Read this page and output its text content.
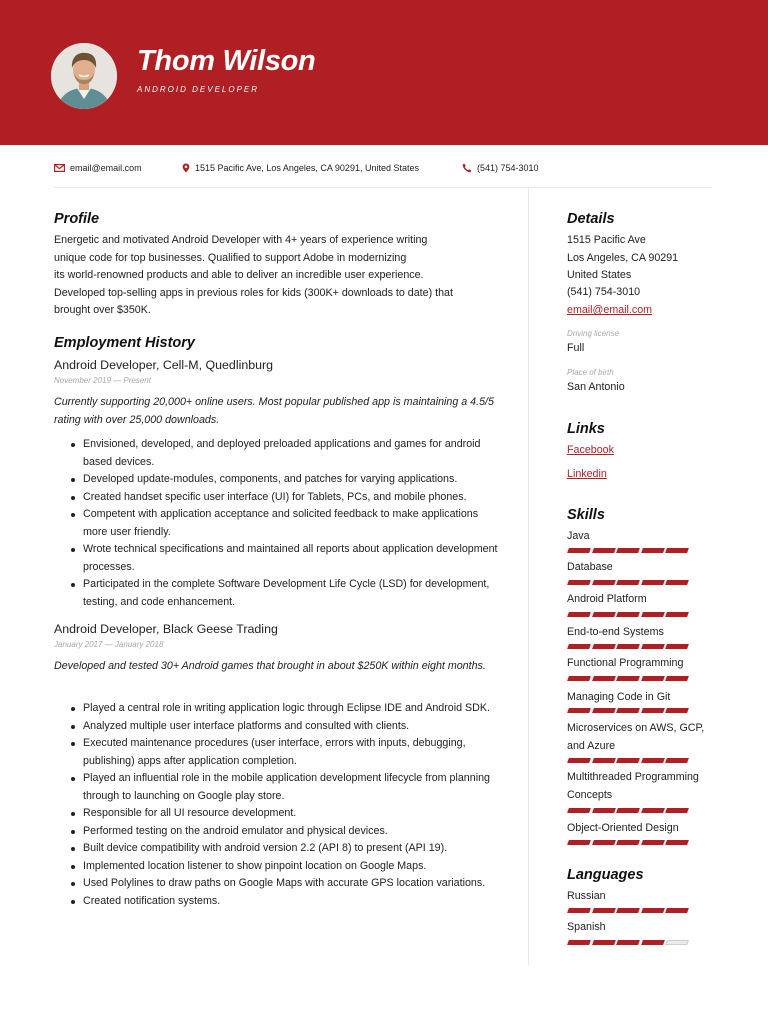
Thom Wilson
ANDROID DEVELOPER
email@email.com	1515 Pacific Ave, Los Angeles, CA 90291, United States	(541) 754-3010
Profile
Energetic and motivated Android Developer with 4+ years of experience writing
unique code for top businesses. Qualified to support Adobe in modernizing
its world-renowned products and able to deliver an incredible user experience.
Developed top-selling apps in previous roles for kids (300K+ downloads to date) that
brought over $350K.
Employment History
Android Developer, Cell-M, Quedlinburg
November 2019 — Present
Currently supporting 20,000+ online users. Most popular published app is maintaining a 4.5/5 rating with over 25,000 downloads.
Envisioned, developed, and deployed preloaded applications and games for android based devices.
Developed update-modules, components, and patches for varying applications.
Created handset specific user interface (UI) for Tablets, PCs, and mobile phones.
Competent with application acceptance and solicited feedback to make applications more user friendly.
Wrote technical specifications and maintained all reports about application development processes.
Participated in the complete Software Development Life Cycle (LSD) for development, testing, and code enhancement.
Android Developer, Black Geese Trading
January 2017 — January 2018
Developed and tested 30+ Android games that brought in about $250K within eight months.
Played a central role in writing application logic through Eclipse IDE and Android SDK.
Analyzed multiple user interface platforms and consulted with clients.
Executed maintenance procedures (user interface, errors with inputs, debugging, publishing) apps after application completion.
Played an influential role in the mobile application development lifecycle from planning through to launching on Google play store.
Responsible for all UI resource development.
Performed testing on the android emulator and physical devices.
Built device compatibility with android version 2.2 (API 8) to present (API 19).
Implemented location listener to show pinpoint location on Google Maps.
Used Polylines to draw paths on Google Maps with accurate GPS location variations.
Created notification systems.
Details
1515 Pacific Ave
Los Angeles, CA 90291
United States
(541) 754-3010
email@email.com
Driving license
Full
Place of birth
San Antonio
Links
Facebook
Linkedin
Skills
Java
Database
Android Platform
End-to-end Systems
Functional Programming
Managing Code in Git
Microservices on AWS, GCP, and Azure
Multithreaded Programming Concepts
Object-Oriented Design
Languages
Russian
Spanish
